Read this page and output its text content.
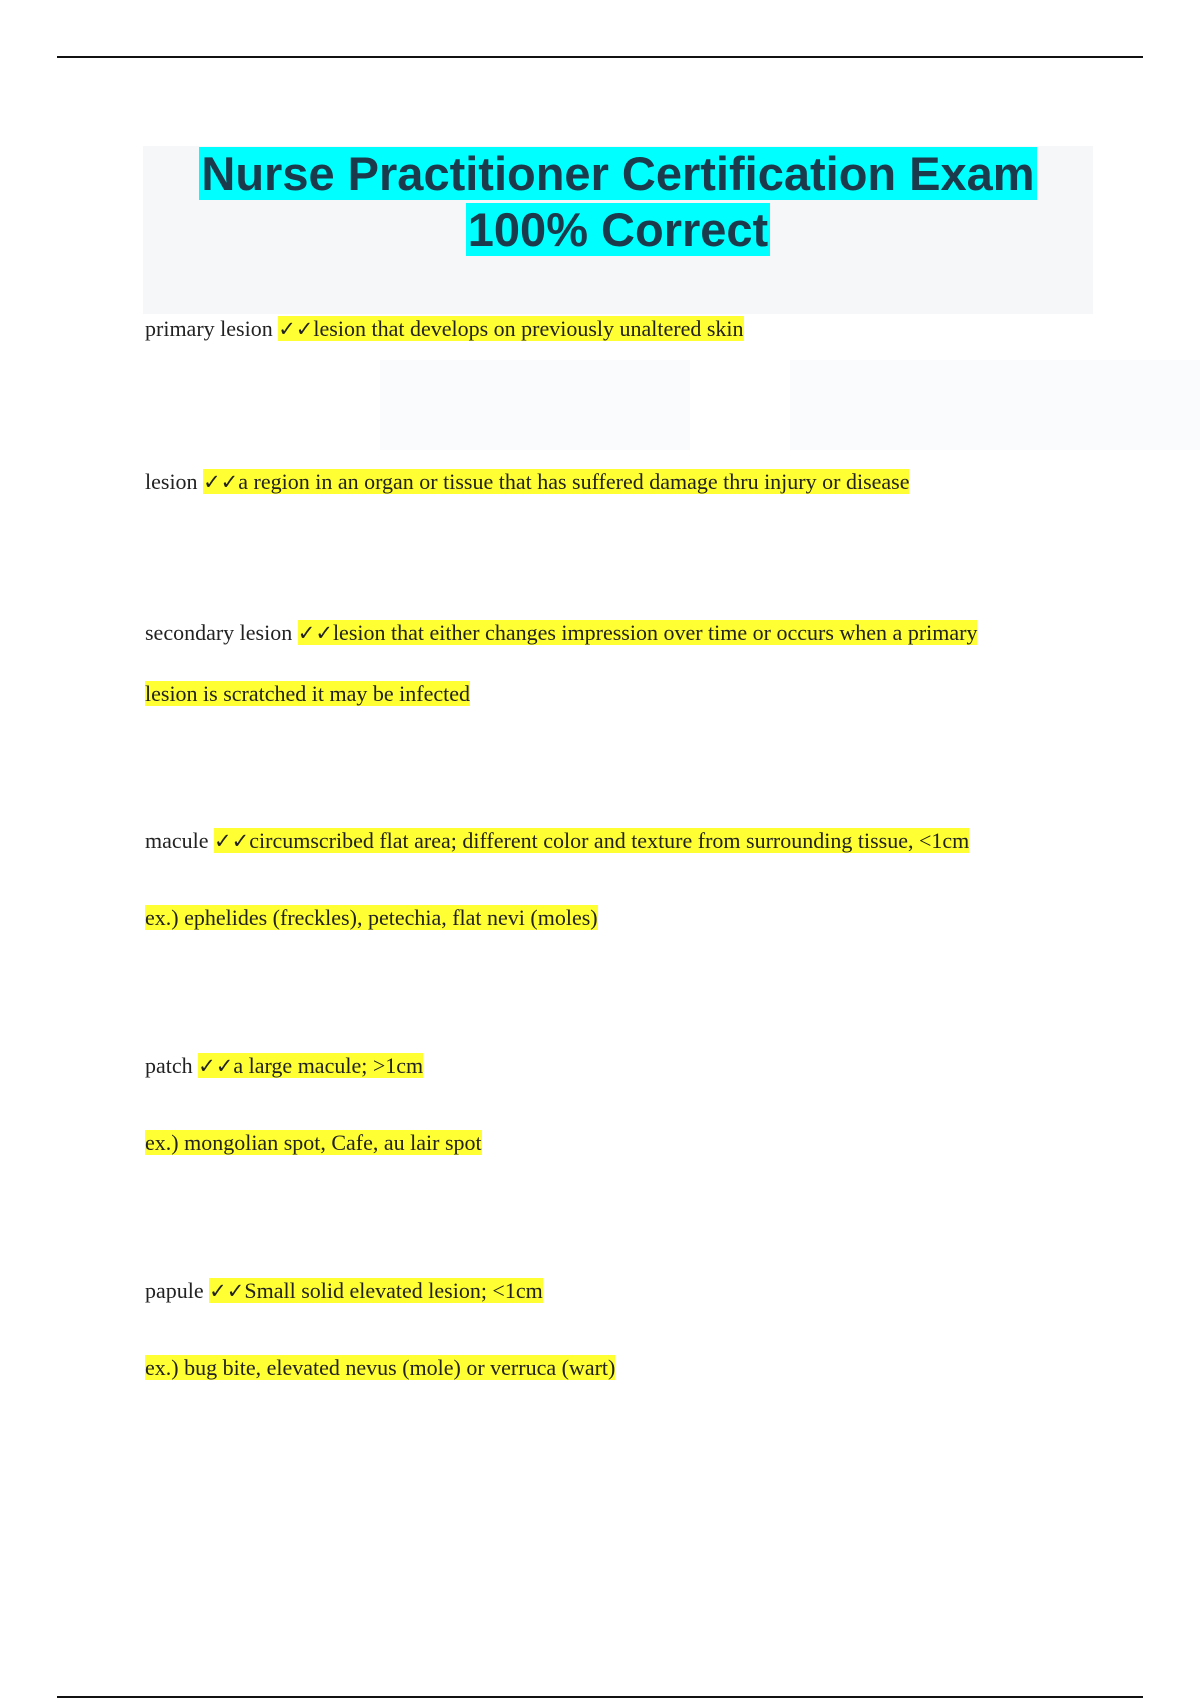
Nurse Practitioner Certification Exam
100% Correct

primary lesion ✓✓lesion that develops on previously unaltered skin

lesion ✓✓a region in an organ or tissue that has suffered damage thru injury or disease

secondary lesion ✓✓lesion that either changes impression over time or occurs when a primary

lesion is scratched it may be infected

macule ✓✓circumscribed flat area; different color and texture from surrounding tissue, <1cm

ex.) ephelides (freckles), petechia, flat nevi (moles)

patch ✓✓a large macule; >1cm

ex.) mongolian spot, Cafe, au lair spot

papule ✓✓Small solid elevated lesion; <1cm

ex.) bug bite, elevated nevus (mole) or verruca (wart)
